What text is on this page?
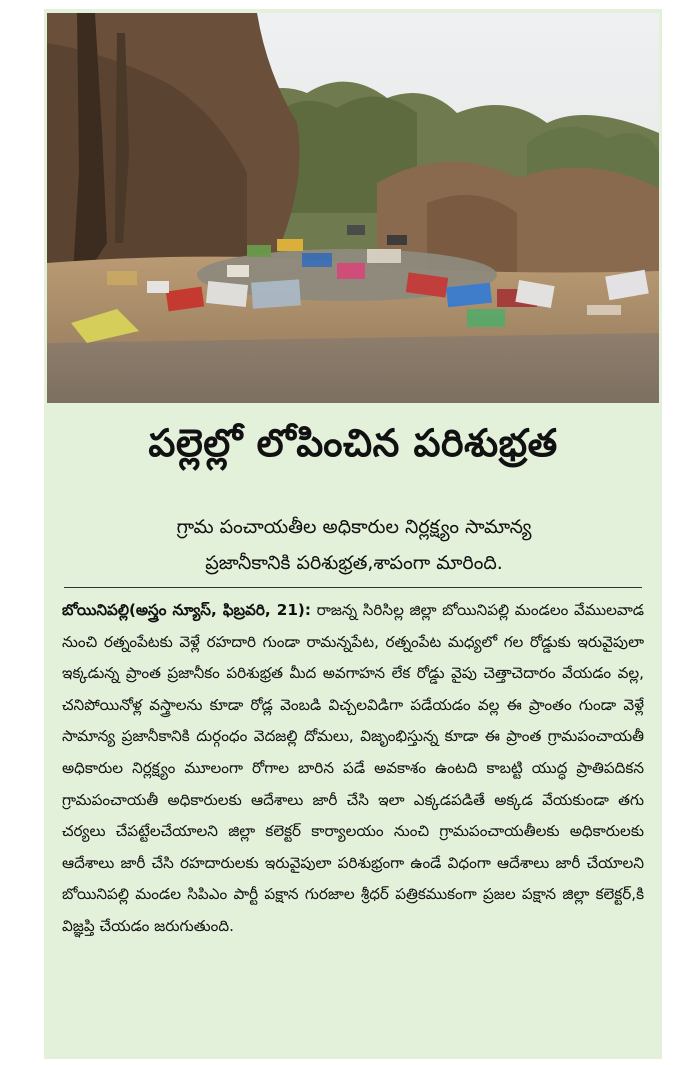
పల్లెల్లో లోపించిన పరిశుభ్రత
గ్రామ పంచాయతీల అధికారుల నిర్లక్ష్యం సామాన్య
ప్రజానీకానికి పరిశుభ్రత,శాపంగా మారింది.
బోయినిపల్లి(అస్త్రం న్యూస్, ఫిబ్రవరి, 21): రాజన్న సిరిసిల్ల జిల్లా బోయినిపల్లి మండలం వేములవాడ నుంచి రత్నంపేటకు వెళ్లే రహదారి గుండా రామన్నపేట, రత్నంపేట మధ్యలో గల రోడ్డుకు ఇరువైపులా ఇక్కడున్న ప్రాంత ప్రజానీకం పరిశుభ్రత మీద అవగాహన లేక రోడ్డు వైపు చెత్తాచెదారం వేయడం వల్ల, చనిపోయినోళ్ల వస్త్రాలను కూడా రోడ్ల వెంబడి విచ్చలవిడిగా పడేయడం వల్ల ఈ ప్రాంతం గుండా వెళ్లే సామాన్య ప్రజానీకానికి దుర్గంధం వెదజల్లి దోమలు, విజృంభిస్తున్న కూడా ఈ ప్రాంత గ్రామపంచాయతీ అధికారుల నిర్లక్ష్యం మూలంగా రోగాల బారిన పడే అవకాశం ఉంటది కాబట్టి యుద్ధ ప్రాతిపదికన గ్రామపంచాయతీ అధికారులకు ఆదేశాలు జారీ చేసి ఇలా ఎక్కడపడితే అక్కడ వేయకుండా తగు చర్యలు చేపట్టేలచేయాలని జిల్లా కలెక్టర్ కార్యాలయం నుంచి గ్రామపంచాయతీలకు అధికారులకు ఆదేశాలు జారీ చేసి రహదారులకు ఇరువైపులా పరిశుభ్రంగా ఉండే విధంగా ఆదేశాలు జారీ చేయాలని బోయినిపల్లి మండల సిపిఎం పార్టీ పక్షాన గురజాల శ్రీధర్ పత్రికముకంగా ప్రజల పక్షాన జిల్లా కలెక్టర్,కి విజ్ఞప్తి చేయడం జరుగుతుంది.
